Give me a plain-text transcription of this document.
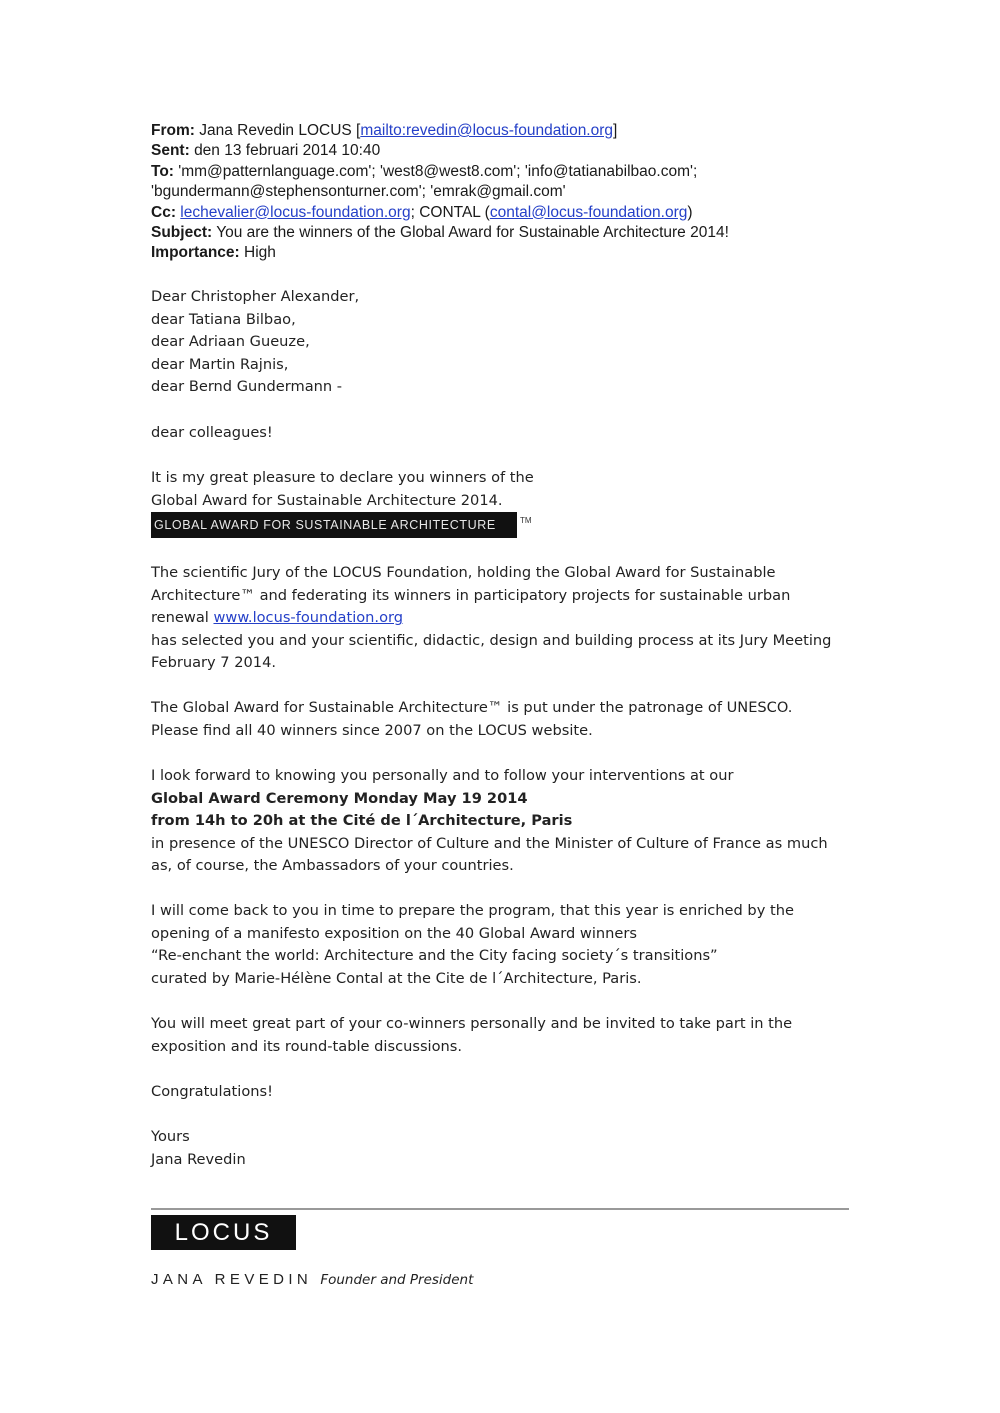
From: Jana Revedin LOCUS [mailto:revedin@locus-foundation.org]
Sent: den 13 februari 2014 10:40
To: 'mm@patternlanguage.com'; 'west8@west8.com'; 'info@tatianabilbao.com';
'bgundermann@stephensonturner.com'; 'emrak@gmail.com'
Cc: lechevalier@locus-foundation.org; CONTAL (contal@locus-foundation.org)
Subject: You are the winners of the Global Award for Sustainable Architecture 2014!
Importance: High
Dear Christopher Alexander,
dear Tatiana Bilbao,
dear Adriaan Gueuze,
dear Martin Rajnis,
dear Bernd Gundermann -
dear colleagues!
It is my great pleasure to declare you winners of the
Global Award for Sustainable Architecture 2014.
GLOBAL AWARD FOR SUSTAINABLE ARCHITECTURE	TM
The scientific Jury of the LOCUS Foundation, holding the Global Award for Sustainable
Architecture™ and federating its winners in participatory projects for sustainable urban
renewal www.locus-foundation.org
has selected you and your scientific, didactic, design and building process at its Jury Meeting
February 7 2014.
The Global Award for Sustainable Architecture™ is put under the patronage of UNESCO.
Please find all 40 winners since 2007 on the LOCUS website.
I look forward to knowing you personally and to follow your interventions at our
Global Award Ceremony Monday May 19 2014
from 14h to 20h at the Cité de l´Architecture, Paris
in presence of the UNESCO Director of Culture and the Minister of Culture of France as much
as, of course, the Ambassadors of your countries.
I will come back to you in time to prepare the program, that this year is enriched by the
opening of a manifesto exposition on the 40 Global Award winners
“Re-enchant the world: Architecture and the City facing society´s transitions”
curated by Marie-Hélène Contal at the Cite de l´Architecture, Paris.
You will meet great part of your co-winners personally and be invited to take part in the
exposition and its round-table discussions.
Congratulations!
Yours
Jana Revedin
LOCUS
JANA REVEDIN Founder and President
